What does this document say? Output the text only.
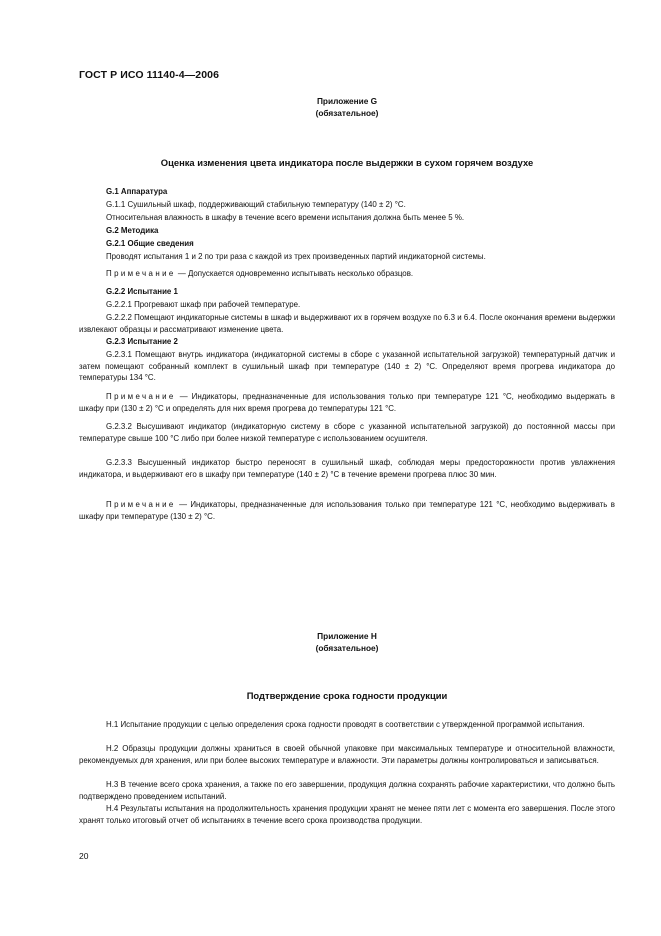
ГОСТ Р ИСО 11140-4—2006
Приложение G
(обязательное)
Оценка изменения цвета индикатора после выдержки в сухом горячем воздухе
G.1 Аппаратура
G.1.1 Сушильный шкаф, поддерживающий стабильную температуру (140 ± 2) °С.
Относительная влажность в шкафу в течение всего времени испытания должна быть менее 5 %.
G.2 Методика
G.2.1 Общие сведения
Проводят испытания 1 и 2 по три раза с каждой из трех произведенных партий индикаторной системы.
Примечание — Допускается одновременно испытывать несколько образцов.
G.2.2 Испытание 1
G.2.2.1 Прогревают шкаф при рабочей температуре.
G.2.2.2 Помещают индикаторные системы в шкаф и выдерживают их в горячем воздухе по 6.3 и 6.4. После окончания времени выдержки извлекают образцы и рассматривают изменение цвета.
G.2.3 Испытание 2
G.2.3.1 Помещают внутрь индикатора (индикаторной системы в сборе с указанной испытательной загрузкой) температурный датчик и затем помещают собранный комплект в сушильный шкаф при температуре (140 ± 2) °С. Определяют время прогрева индикатора до температуры 134 °С.
Примечание — Индикаторы, предназначенные для использования только при температуре 121 °С, необходимо выдержать в шкафу при (130 ± 2) °С и определять для них время прогрева до температуры 121 °С.
G.2.3.2 Высушивают индикатор (индикаторную систему в сборе с указанной испытательной загрузкой) до постоянной массы при температуре свыше 100 °С либо при более низкой температуре с использованием осушителя.
G.2.3.3 Высушенный индикатор быстро переносят в сушильный шкаф, соблюдая меры предосторожности против увлажнения индикатора, и выдерживают его в шкафу при температуре (140 ± 2) °С в течение времени прогрева плюс 30 мин.
Примечание — Индикаторы, предназначенные для использования только при температуре 121 °С, необходимо выдерживать в шкафу при температуре (130 ± 2) °С.
Приложение Н
(обязательное)
Подтверждение срока годности продукции
Н.1 Испытание продукции с целью определения срока годности проводят в соответствии с утвержденной программой испытания.
Н.2 Образцы продукции должны храниться в своей обычной упаковке при максимальных температуре и относительной влажности, рекомендуемых для хранения, или при более высоких температуре и влажности. Эти параметры должны контролироваться и записываться.
Н.3 В течение всего срока хранения, а также по его завершении, продукция должна сохранять рабочие характеристики, что должно быть подтверждено проведением испытаний.
Н.4 Результаты испытания на продолжительность хранения продукции хранят не менее пяти лет с момента его завершения. После этого хранят только итоговый отчет об испытаниях в течение всего срока производства продукции.
20
